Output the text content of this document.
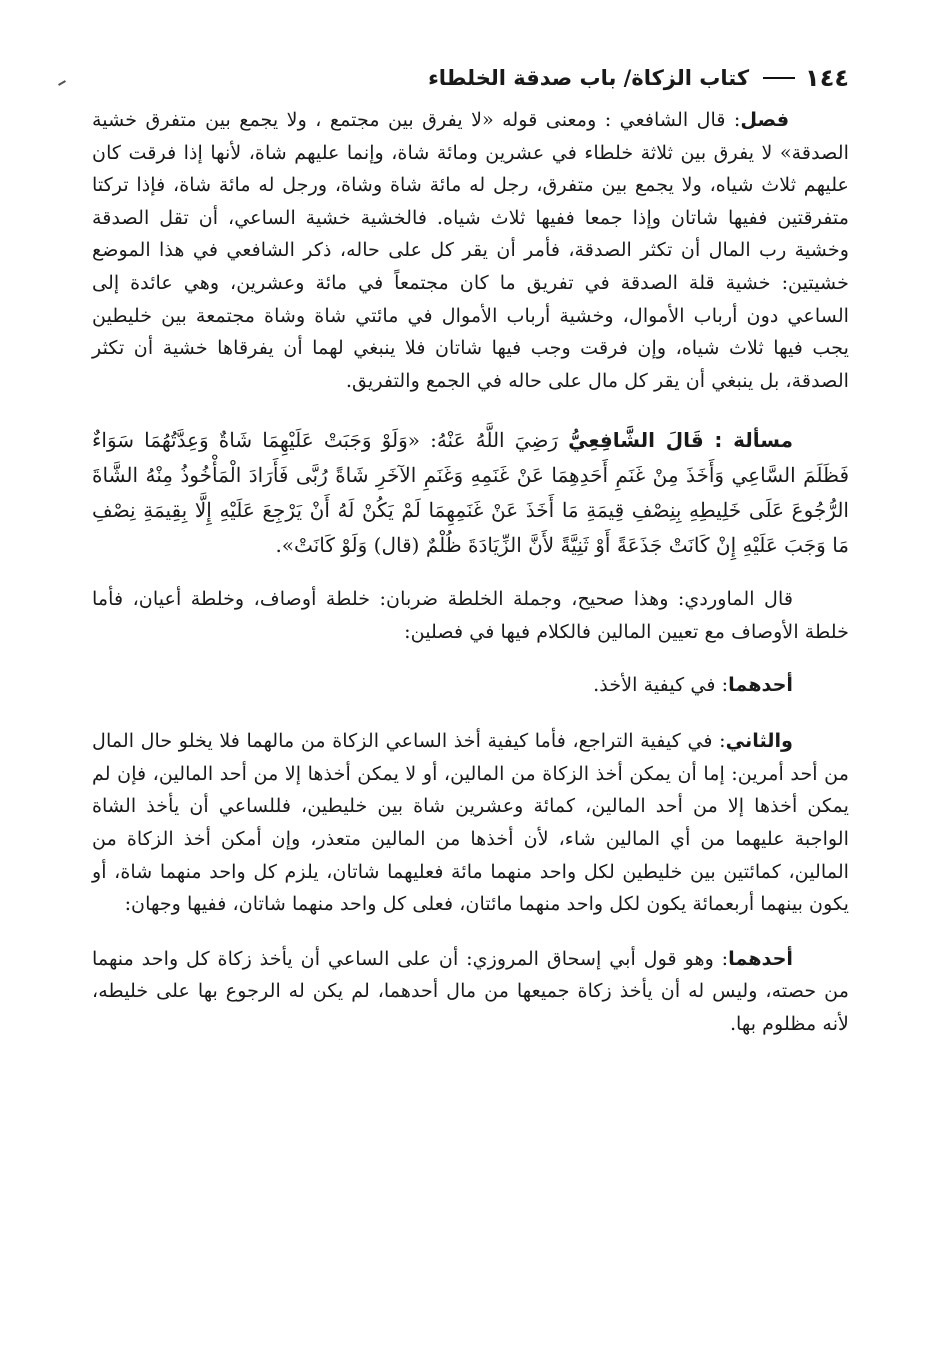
١٤٤
كتاب الزكاة/ باب صدقة الخلطاء

فصل: قال الشافعي : ومعنى قوله «لا يفرق بين مجتمع ، ولا يجمع بين متفرق خشية الصدقة» لا يفرق بين ثلاثة خلطاء في عشرين ومائة شاة، وإنما عليهم شاة، لأنها إذا فرقت كان عليهم ثلاث شياه، ولا يجمع بين متفرق، رجل له مائة شاة وشاة، ورجل له مائة شاة، فإذا تركتا متفرقتين ففيها شاتان وإذا جمعا ففيها ثلاث شياه. فالخشية خشية الساعي، أن تقل الصدقة وخشية رب المال أن تكثر الصدقة، فأمر أن يقر كل على حاله، ذكر الشافعي في هذا الموضع خشيتين: خشية قلة الصدقة في تفريق ما كان مجتمعاً في مائة وعشرين، وهي عائدة إلى الساعي دون أرباب الأموال، وخشية أرباب الأموال في مائتي شاة وشاة مجتمعة بين خليطين يجب فيها ثلاث شياه، وإن فرقت وجب فيها شاتان فلا ينبغي لهما أن يفرقاها خشية أن تكثر الصدقة، بل ينبغي أن يقر كل مال على حاله في الجمع والتفريق.

مسألة : قَالَ الشَّافِعِيُّ رَضِيَ اللَّهُ عَنْهُ: «وَلَوْ وَجَبَتْ عَلَيْهِمَا شَاةٌ وَعِدَّتُهُمَا سَوَاءٌ فَظَلَمَ السَّاعِي وَأَخَذَ مِنْ غَنَمِ أَحَدِهِمَا عَنْ غَنَمِهِ وَغَنَمِ الآخَرِ شَاةً رُبَّى فَأَرَادَ الْمَأْخُوذُ مِنْهُ الشَّاةَ الرُّجُوعَ عَلَى خَلِيطِهِ بِنِصْفِ قِيمَةِ مَا أَخَذَ عَنْ غَنَمِهِمَا لَمْ يَكُنْ لَهُ أَنْ يَرْجِعَ عَلَيْهِ إِلَّا بِقِيمَةِ نِصْفِ مَا وَجَبَ عَلَيْهِ إِنْ كَانَتْ جَذَعَةً أَوْ ثَنِيَّةً لأَنَّ الزِّيَادَةَ ظُلْمٌ (قال) وَلَوْ كَانَتْ».

قال الماوردي: وهذا صحيح، وجملة الخلطة ضربان: خلطة أوصاف، وخلطة أعيان، فأما خلطة الأوصاف مع تعيين المالين فالكلام فيها في فصلين:

أحدهما: في كيفية الأخذ.

والثاني: في كيفية التراجع، فأما كيفية أخذ الساعي الزكاة من مالهما فلا يخلو حال المال من أحد أمرين: إما أن يمكن أخذ الزكاة من المالين، أو لا يمكن أخذها إلا من أحد المالين، فإن لم يمكن أخذها إلا من أحد المالين، كمائة وعشرين شاة بين خليطين، فللساعي أن يأخذ الشاة الواجبة عليهما من أي المالين شاء، لأن أخذها من المالين متعذر، وإن أمكن أخذ الزكاة من المالين، كمائتين بين خليطين لكل واحد منهما مائة فعليهما شاتان، يلزم كل واحد منهما شاة، أو يكون بينهما أربعمائة يكون لكل واحد منهما مائتان، فعلى كل واحد منهما شاتان، ففيها وجهان:

أحدهما: وهو قول أبي إسحاق المروزي: أن على الساعي أن يأخذ زكاة كل واحد منهما من حصته، وليس له أن يأخذ زكاة جميعها من مال أحدهما، لم يكن له الرجوع بها على خليطه، لأنه مظلوم بها.
